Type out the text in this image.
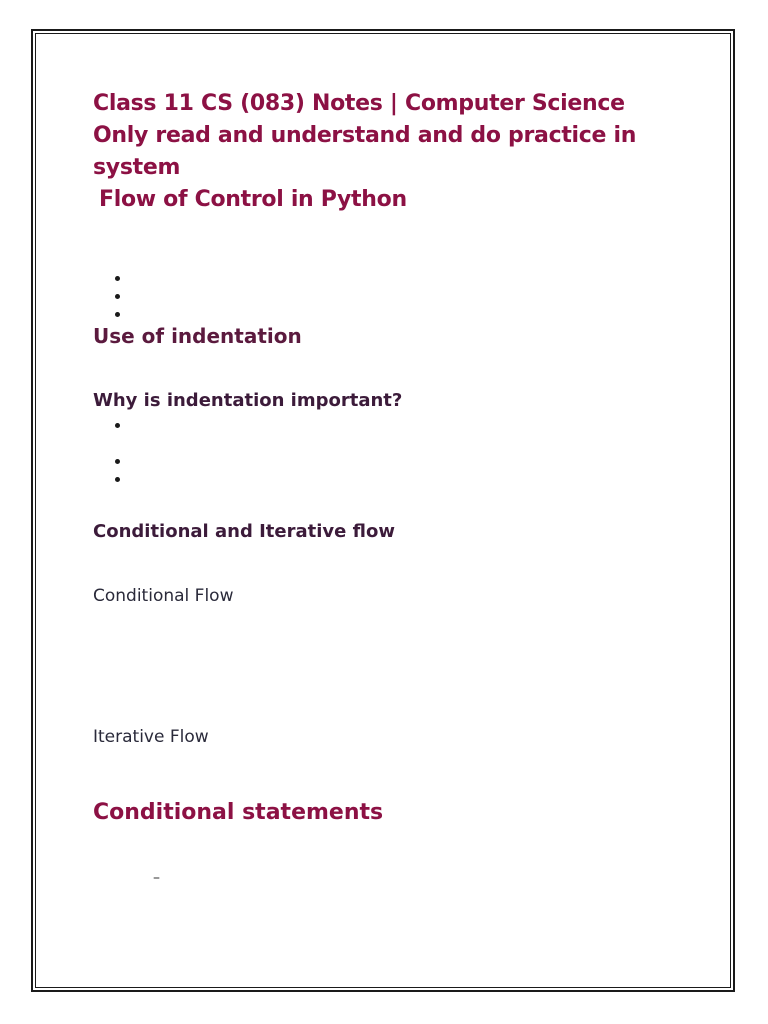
Class 11 CS (083) Notes | Computer Science
Only read and understand and do practice in
system
Flow of Control in Python
Use of indentation
Why is indentation important?
Conditional and Iterative flow

Conditional Flow

Iterative Flow

Conditional statements
–
